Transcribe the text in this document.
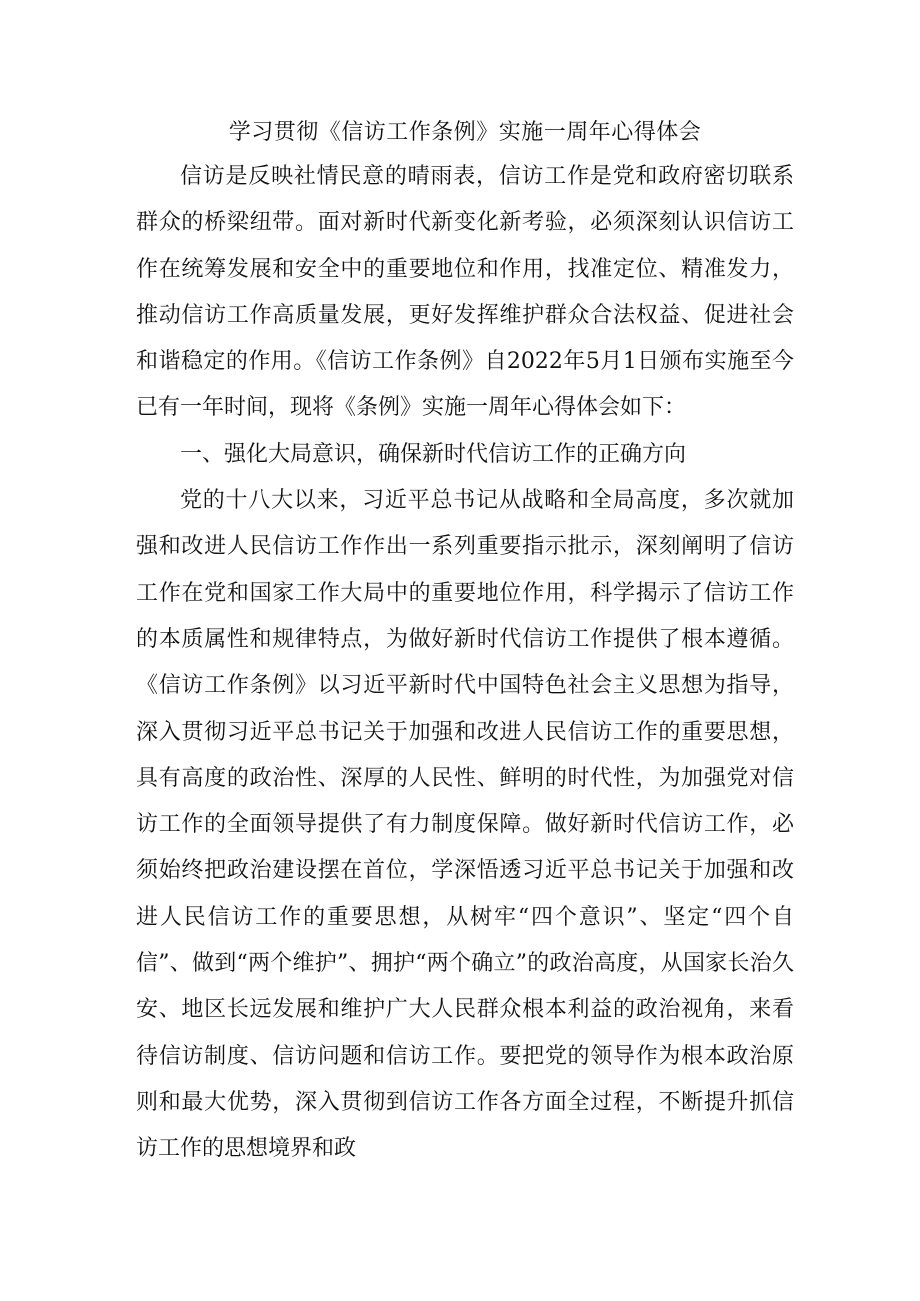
学习贯彻《信访工作条例》实施一周年心得体会

信访是反映社情民意的晴雨表，信访工作是党和政府密切联系群众的桥梁纽带。面对新时代新变化新考验，必须深刻认识信访工作在统筹发展和安全中的重要地位和作用，找准定位、精准发力，推动信访工作高质量发展，更好发挥维护群众合法权益、促进社会和谐稳定的作用。《信访工作条例》自2022年5月1日颁布实施至今已有一年时间，现将《条例》实施一周年心得体会如下：

一、强化大局意识，确保新时代信访工作的正确方向

党的十八大以来，习近平总书记从战略和全局高度，多次就加强和改进人民信访工作作出一系列重要指示批示，深刻阐明了信访工作在党和国家工作大局中的重要地位作用，科学揭示了信访工作的本质属性和规律特点，为做好新时代信访工作提供了根本遵循。《信访工作条例》以习近平新时代中国特色社会主义思想为指导，深入贯彻习近平总书记关于加强和改进人民信访工作的重要思想，具有高度的政治性、深厚的人民性、鲜明的时代性，为加强党对信访工作的全面领导提供了有力制度保障。做好新时代信访工作，必须始终把政治建设摆在首位，学深悟透习近平总书记关于加强和改进人民信访工作的重要思想，从树牢“四个意识”、坚定“四个自信”、做到“两个维护”、拥护“两个确立”的政治高度，从国家长治久安、地区长远发展和维护广大人民群众根本利益的政治视角，来看待信访制度、信访问题和信访工作。要把党的领导作为根本政治原则和最大优势，深入贯彻到信访工作各方面全过程，不断提升抓信访工作的思想境界和政
